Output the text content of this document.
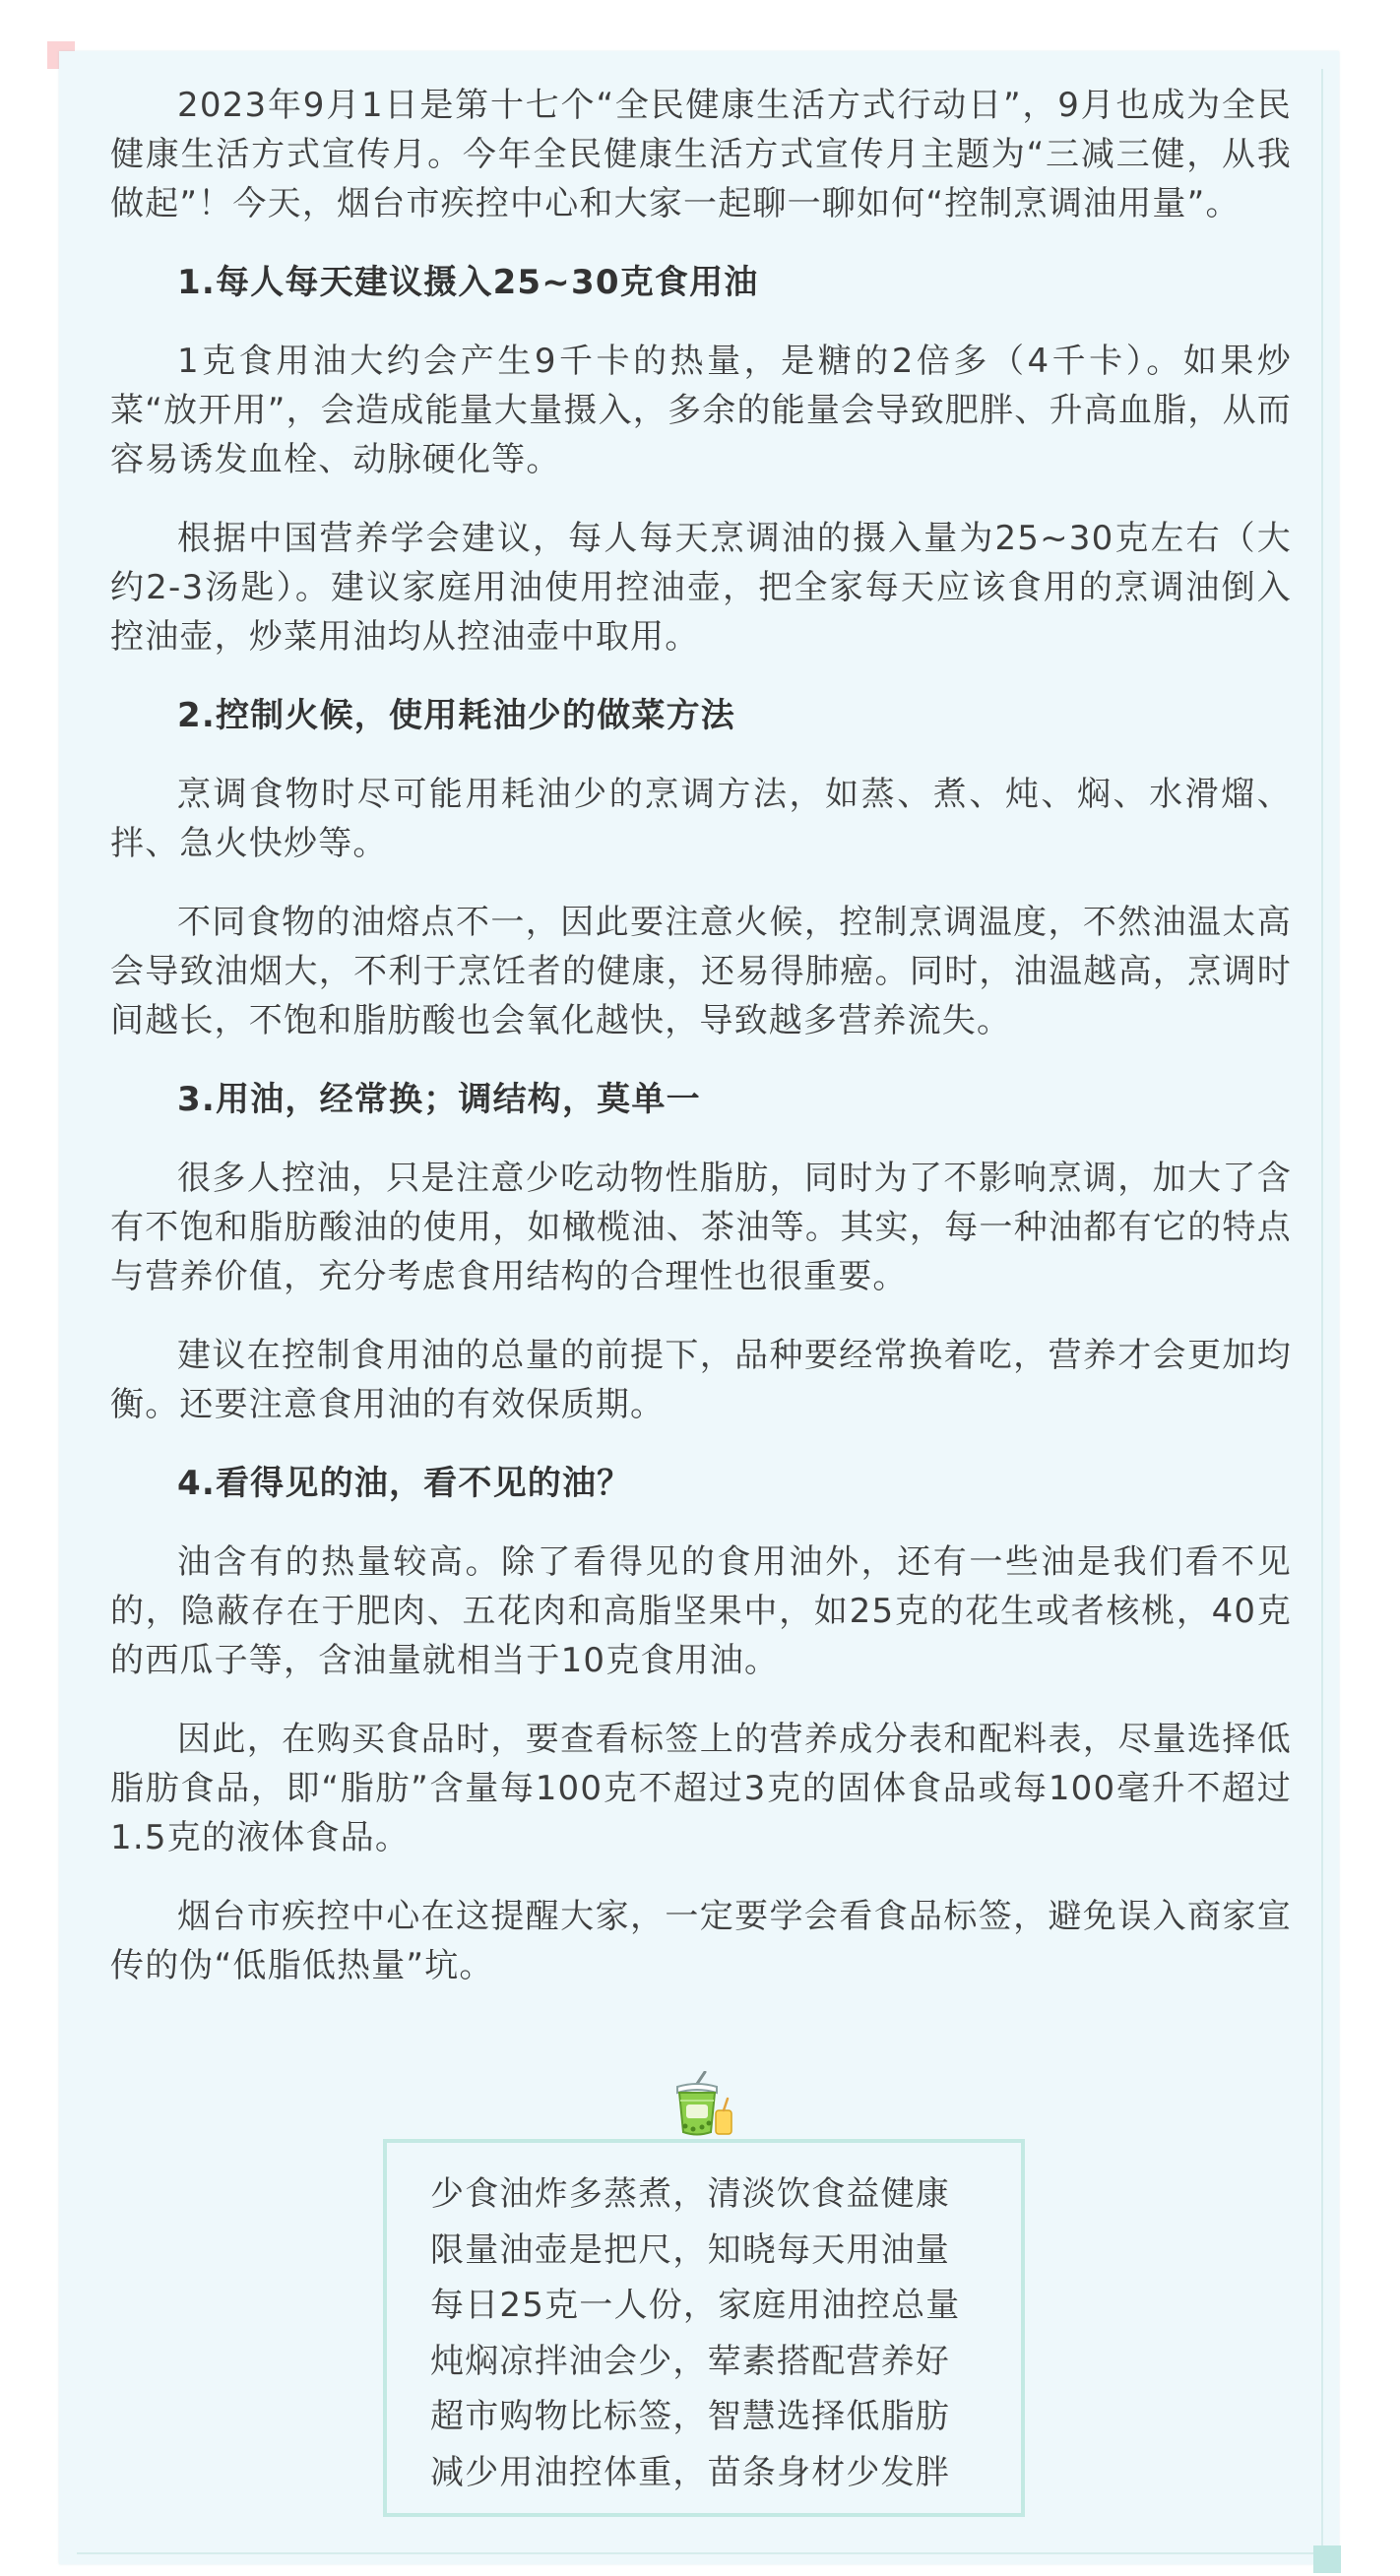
2023年9月1日是第十七个“全民健康生活方式行动日”，9月也成为全民健康生活方式宣传月。今年全民健康生活方式宣传月主题为“三减三健，从我做起”！今天，烟台市疾控中心和大家一起聊一聊如何“控制烹调油用量”。

1.每人每天建议摄入25~30克食用油

1克食用油大约会产生9千卡的热量，是糖的2倍多（4千卡）。如果炒菜“放开用”，会造成能量大量摄入，多余的能量会导致肥胖、升高血脂，从而容易诱发血栓、动脉硬化等。

根据中国营养学会建议，每人每天烹调油的摄入量为25~30克左右（大约2-3汤匙）。建议家庭用油使用控油壶，把全家每天应该食用的烹调油倒入控油壶，炒菜用油均从控油壶中取用。

2.控制火候，使用耗油少的做菜方法

烹调食物时尽可能用耗油少的烹调方法，如蒸、煮、炖、焖、水滑熘、拌、急火快炒等。

不同食物的油熔点不一，因此要注意火候，控制烹调温度，不然油温太高会导致油烟大，不利于烹饪者的健康，还易得肺癌。同时，油温越高，烹调时间越长，不饱和脂肪酸也会氧化越快，导致越多营养流失。

3.用油，经常换；调结构，莫单一

很多人控油，只是注意少吃动物性脂肪，同时为了不影响烹调，加大了含有不饱和脂肪酸油的使用，如橄榄油、茶油等。其实，每一种油都有它的特点与营养价值，充分考虑食用结构的合理性也很重要。

建议在控制食用油的总量的前提下，品种要经常换着吃，营养才会更加均衡。还要注意食用油的有效保质期。

4.看得见的油，看不见的油？

油含有的热量较高。除了看得见的食用油外，还有一些油是我们看不见的，隐蔽存在于肥肉、五花肉和高脂坚果中，如25克的花生或者核桃，40克的西瓜子等，含油量就相当于10克食用油。

因此，在购买食品时，要查看标签上的营养成分表和配料表，尽量选择低脂肪食品，即“脂肪”含量每100克不超过3克的固体食品或每100毫升不超过1.5克的液体食品。

烟台市疾控中心在这提醒大家，一定要学会看食品标签，避免误入商家宣传的伪“低脂低热量”坑。

少食油炸多蒸煮，清淡饮食益健康
限量油壶是把尺，知晓每天用油量
每日25克一人份，家庭用油控总量
炖焖凉拌油会少，荤素搭配营养好
超市购物比标签，智慧选择低脂肪
减少用油控体重，苗条身材少发胖
